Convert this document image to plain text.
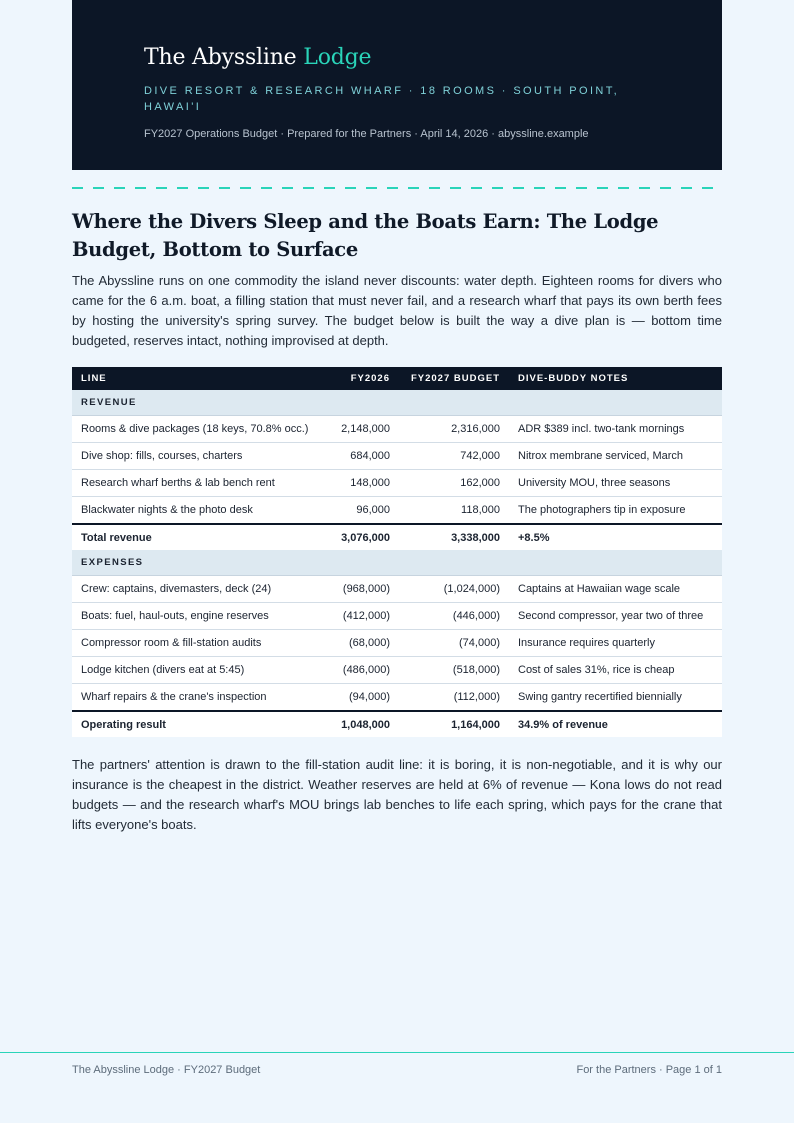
The Abyssline Lodge
DIVE RESORT & RESEARCH WHARF · 18 ROOMS · SOUTH POINT, HAWAI'I
FY2027 Operations Budget · Prepared for the Partners · April 14, 2026 · abyssline.example
Where the Divers Sleep and the Boats Earn: The Lodge Budget, Bottom to Surface

The Abyssline runs on one commodity the island never discounts: water depth. Eighteen rooms for divers who came for the 6 a.m. boat, a filling station that must never fail, and a research wharf that pays its own berth fees by hosting the university's spring survey. The budget below is built the way a dive plan is — bottom time budgeted, reserves intact, nothing improvised at depth.

LINE	FY2026	FY2027 BUDGET	DIVE-BUDDY NOTES
REVENUE			
Rooms & dive packages (18 keys, 70.8% occ.)	2,148,000	2,316,000	ADR $389 incl. two-tank mornings
Dive shop: fills, courses, charters	684,000	742,000	Nitrox membrane serviced, March
Research wharf berths & lab bench rent	148,000	162,000	University MOU, three seasons
Blackwater nights & the photo desk	96,000	118,000	The photographers tip in exposure
Total revenue	3,076,000	3,338,000	+8.5%
EXPENSES			
Crew: captains, divemasters, deck (24)	(968,000)	(1,024,000)	Captains at Hawaiian wage scale
Boats: fuel, haul-outs, engine reserves	(412,000)	(446,000)	Second compressor, year two of three
Compressor room & fill-station audits	(68,000)	(74,000)	Insurance requires quarterly
Lodge kitchen (divers eat at 5:45)	(486,000)	(518,000)	Cost of sales 31%, rice is cheap
Wharf repairs & the crane's inspection	(94,000)	(112,000)	Swing gantry recertified biennially
Operating result	1,048,000	1,164,000	34.9% of revenue

The partners' attention is drawn to the fill-station audit line: it is boring, it is non-negotiable, and it is why our insurance is the cheapest in the district. Weather reserves are held at 6% of revenue — Kona lows do not read budgets — and the research wharf's MOU brings lab benches to life each spring, which pays for the crane that lifts everyone's boats.

The Abyssline Lodge · FY2027 Budget	For the Partners · Page 1 of 1
